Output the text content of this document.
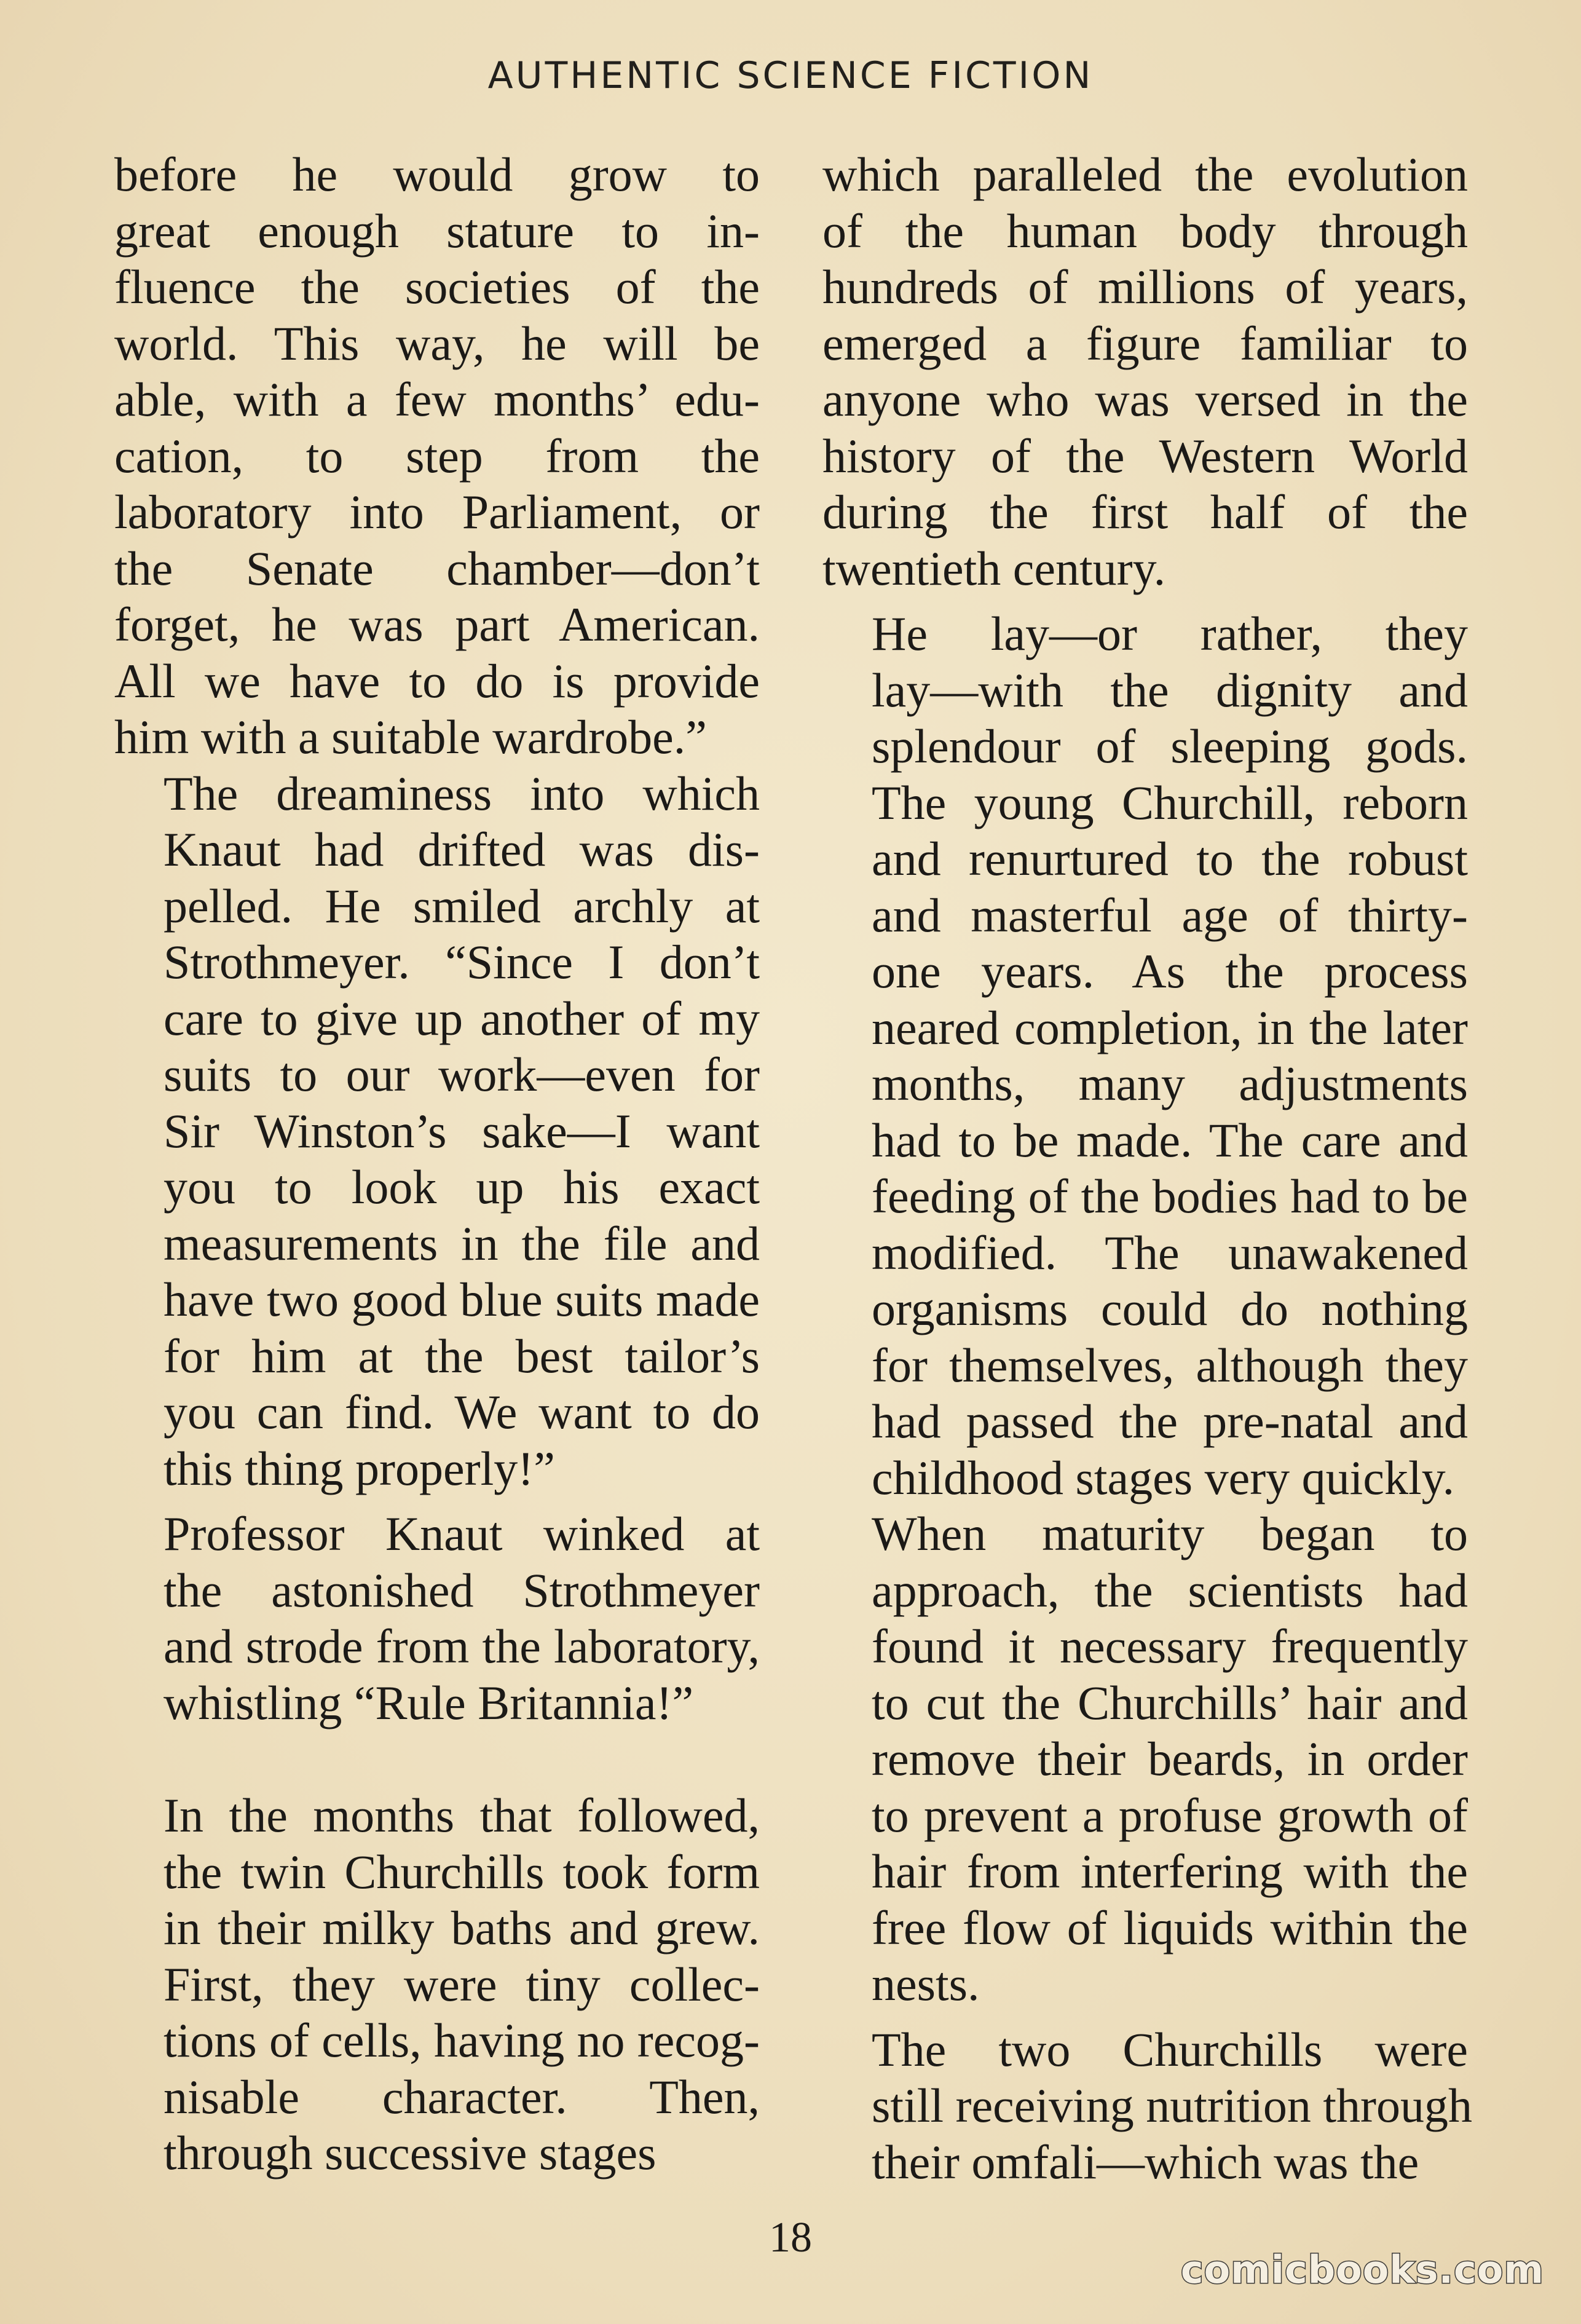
AUTHENTIC SCIENCE FICTION

before he would grow to
great enough stature to in-
fluence the societies of the
world. This way, he will be
able, with a few months’ edu-
cation, to step from the
laboratory into Parliament, or
the Senate chamber—don’t
forget, he was part American.
All we have to do is provide
him with a suitable wardrobe.”

The dreaminess into which
Knaut had drifted was dis-
pelled. He smiled archly at
Strothmeyer. “Since I don’t
care to give up another of my
suits to our work—even for
Sir Winston’s sake—I want
you to look up his exact
measurements in the file and
have two good blue suits made
for him at the best tailor’s
you can find. We want to do
this thing properly!”

Professor Knaut winked at
the astonished Strothmeyer
and strode from the laboratory,
whistling “Rule Britannia!”

In the months that followed,
the twin Churchills took form
in their milky baths and grew.
First, they were tiny collec-
tions of cells, having no recog-
nisable character. Then,
through successive stages

which paralleled the evolution
of the human body through
hundreds of millions of years,
emerged a figure familiar to
anyone who was versed in the
history of the Western World
during the first half of the
twentieth century.

He lay—or rather, they
lay—with the dignity and
splendour of sleeping gods.
The young Churchill, reborn
and renurtured to the robust
and masterful age of thirty-
one years. As the process
neared completion, in the later
months, many adjustments
had to be made. The care and
feeding of the bodies had to be
modified. The unawakened
organisms could do nothing
for themselves, although they
had passed the pre-natal and
childhood stages very quickly.

When maturity began to
approach, the scientists had
found it necessary frequently
to cut the Churchills’ hair and
remove their beards, in order
to prevent a profuse growth of
hair from interfering with the
free flow of liquids within the
nests.

The two Churchills were
still receiving nutrition through
their omfali—which was the

18
comicbooks.com
